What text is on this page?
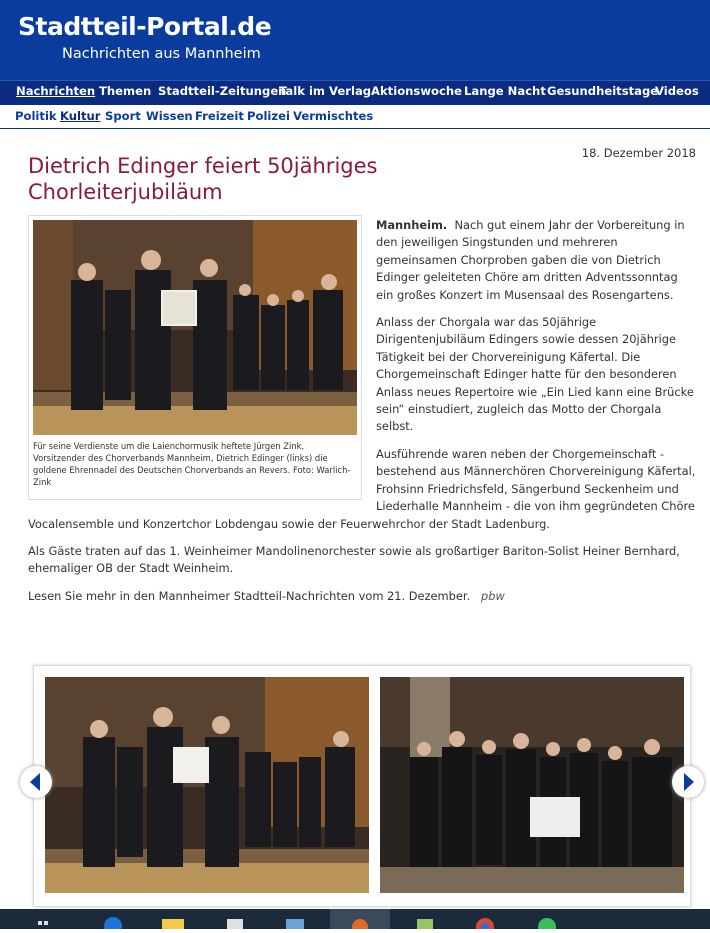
Stadtteil-Portal.de
Nachrichten aus Mannheim
Nachrichten Themen Stadtteil-Zeitungen
Talk im Verlag Aktionswoche Lange Nacht Gesundheitstage
Videos
Politik Kultur Sport Wissen Freizeit Polizei Vermischtes
18. Dezember 2018
Dietrich Edinger feiert 50jähriges Chorleiterjubiläum

Mannheim. Nach gut einem Jahr der Vorbereitung in den jeweiligen Singstunden und mehreren gemeinsamen Chorproben gaben die von Dietrich Edinger geleiteten Chöre am dritten Adventssonntag ein großes Konzert im Musensaal des Rosengartens.

Anlass der Chorgala war das 50jährige Dirigentenjubiläum Edingers sowie dessen 20jährige Tätigkeit bei der Chorvereinigung Käfertal. Die Chorgemeinschaft Edinger hatte für den besonderen Anlass neues Repertoire wie „Ein Lied kann eine Brücke sein“ einstudiert, zugleich das Motto der Chorgala selbst.

Ausführende waren neben der Chorgemeinschaft - bestehend aus Männerchören Chorvereinigung Käfertal, Frohsinn Friedrichsfeld, Sängerbund Seckenheim und Liederhalle Mannheim - die von ihm gegründeten Chöre Vocalensemble und Konzertchor Lobdengau sowie der Feuerwehrchor der Stadt Ladenburg.

Als Gäste traten auf das 1. Weinheimer Mandolinenorchester sowie als großartiger Bariton-Solist Heiner Bernhard, ehemaliger OB der Stadt Weinheim.

Lesen Sie mehr in den Mannheimer Stadtteil-Nachrichten vom 21. Dezember. pbw

Für seine Verdienste um die Laienchormusik heftete Jürgen Zink, Vorsitzender des Chorverbands Mannheim, Dietrich Edinger (links) die goldene Ehrennadel des Deutschen Chorverbands an Revers. Foto: Warlich-Zink
